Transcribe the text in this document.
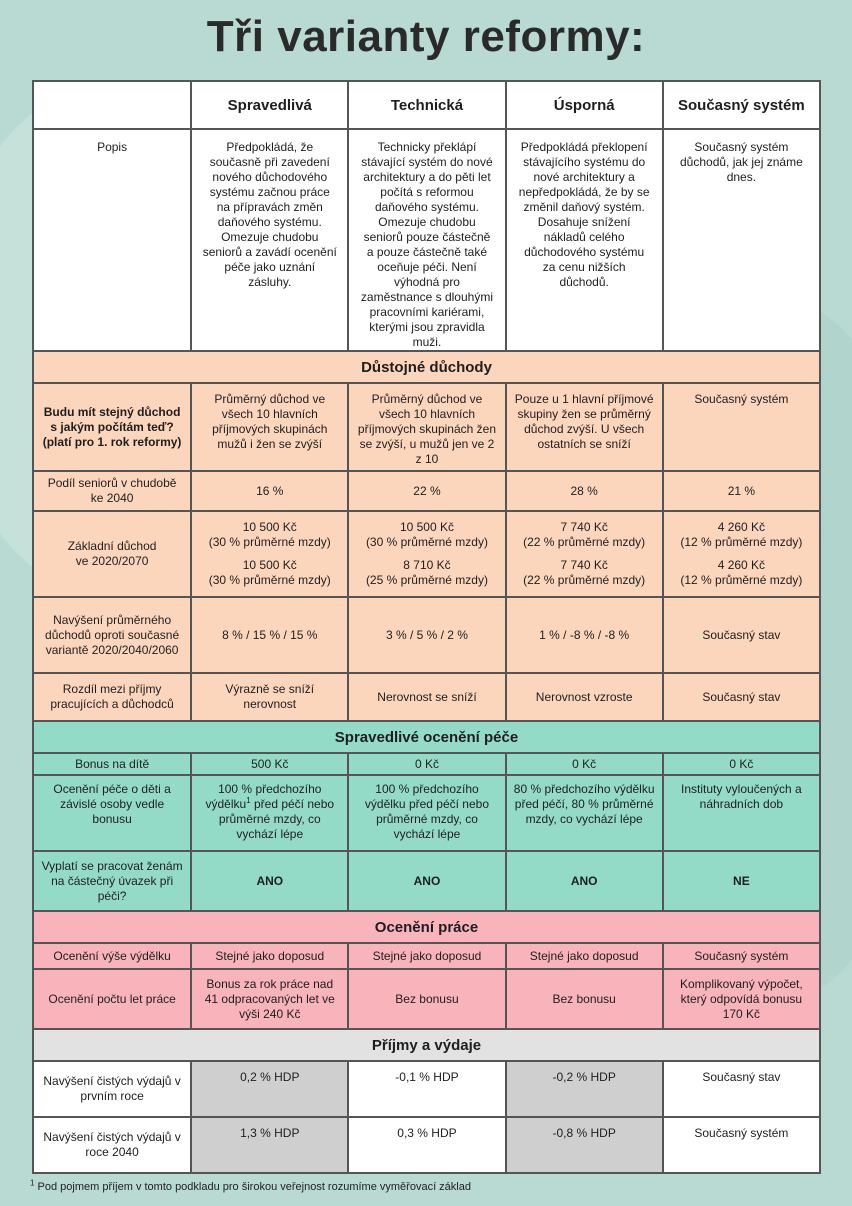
Tři varianty reformy:
	Spravedlivá	Technická	Úsporná	Současný systém
Popis	Předpokládá, že současně při zavedení nového důchodového systému začnou práce na přípravách změn daňového systému. Omezuje chudobu seniorů a zavádí ocenění péče jako uznání zásluhy.	Technicky překlápí stávající systém do nové architektury a do pěti let počítá s reformou daňového systému. Omezuje chudobu seniorů pouze částečně a pouze částečně také oceňuje péči. Není výhodná pro zaměstnance s dlouhými pracovními kariérami, kterými jsou zpravidla muži.	Předpokládá překlopení stávajícího systému do nové architektury a nepředpokládá, že by se změnil daňový systém. Dosahuje snížení nákladů celého důchodového systému za cenu nižších důchodů.	Současný systém důchodů, jak jej známe dnes.
Důstojné důchody				
Budu mít stejný důchod s jakým počítám teď? (platí pro 1. rok reformy)	Průměrný důchod ve všech 10 hlavních příjmových skupinách mužů i žen se zvýší	Průměrný důchod ve všech 10 hlavních příjmových skupinách žen se zvýší, u mužů jen ve 2 z 10	Pouze u 1 hlavní příjmové skupiny žen se průměrný důchod zvýší. U všech ostatních se sníží	Současný systém
Podíl seniorů v chudobě ke 2040	16 %	22 %	28 %	21 %
Základní důchod ve 2020/2070	10 500 Kč
(30 % průměrné mzdy)
10 500 Kč
(30 % průměrné mzdy)	10 500 Kč
(30 % průměrné mzdy)
8 710 Kč
(25 % průměrné mzdy)	7 740 Kč
(22 % průměrné mzdy)
7 740 Kč
(22 % průměrné mzdy)	4 260 Kč
(12 % průměrné mzdy)
4 260 Kč
(12 % průměrné mzdy)

Navýšení průměrného důchodů oproti současné variantě 2020/2040/2060	8 % / 15 % / 15 %	3 % / 5 % / 2 %	1 % / -8 % / -8 %	Současný stav
Rozdíl mezi příjmy pracujících a důchodců	Výrazně se sníží nerovnost	Nerovnost se sníží	Nerovnost vzroste	Současný stav
Spravedlivé ocenění péče				
Bonus na dítě	500 Kč	0 Kč	0 Kč	0 Kč
Ocenění péče o děti a závislé osoby vedle bonusu	100 % předchozího výdělku$^1$ před péčí nebo průměrné mzdy, co vychází lépe	100 % předchozího výdělku před péčí nebo průměrné mzdy, co vychází lépe	80 % předchozího výdělku před péčí, 80 % průměrné mzdy, co vychází lépe	Instituty vyloučených a náhradních dob
Vyplatí se pracovat ženám na částečný úvazek při péči?	ANO	ANO	ANO	NE
Ocenění práce				
Ocenění výše výdělku	Stejné jako doposud	Stejné jako doposud	Stejné jako doposud	Současný systém
Ocenění počtu let práce	Bonus za rok práce nad 41 odpracovaných let ve výši 240 Kč	Bez bonusu	Bez bonusu	Komplikovaný výpočet, který odpovídá bonusu 170 Kč
Příjmy a výdaje				
Navýšení čistých výdajů v prvním roce	0,2 % HDP	-0,1 % HDP	-0,2 % HDP	Současný stav
Navýšení čistých výdajů v roce 2040	1,3 % HDP	0,3 % HDP	-0,8 % HDP	Současný systém
$^1$ Pod pojmem příjem v tomto podkladu pro širokou veřejnost rozumíme vyměřovací základ
